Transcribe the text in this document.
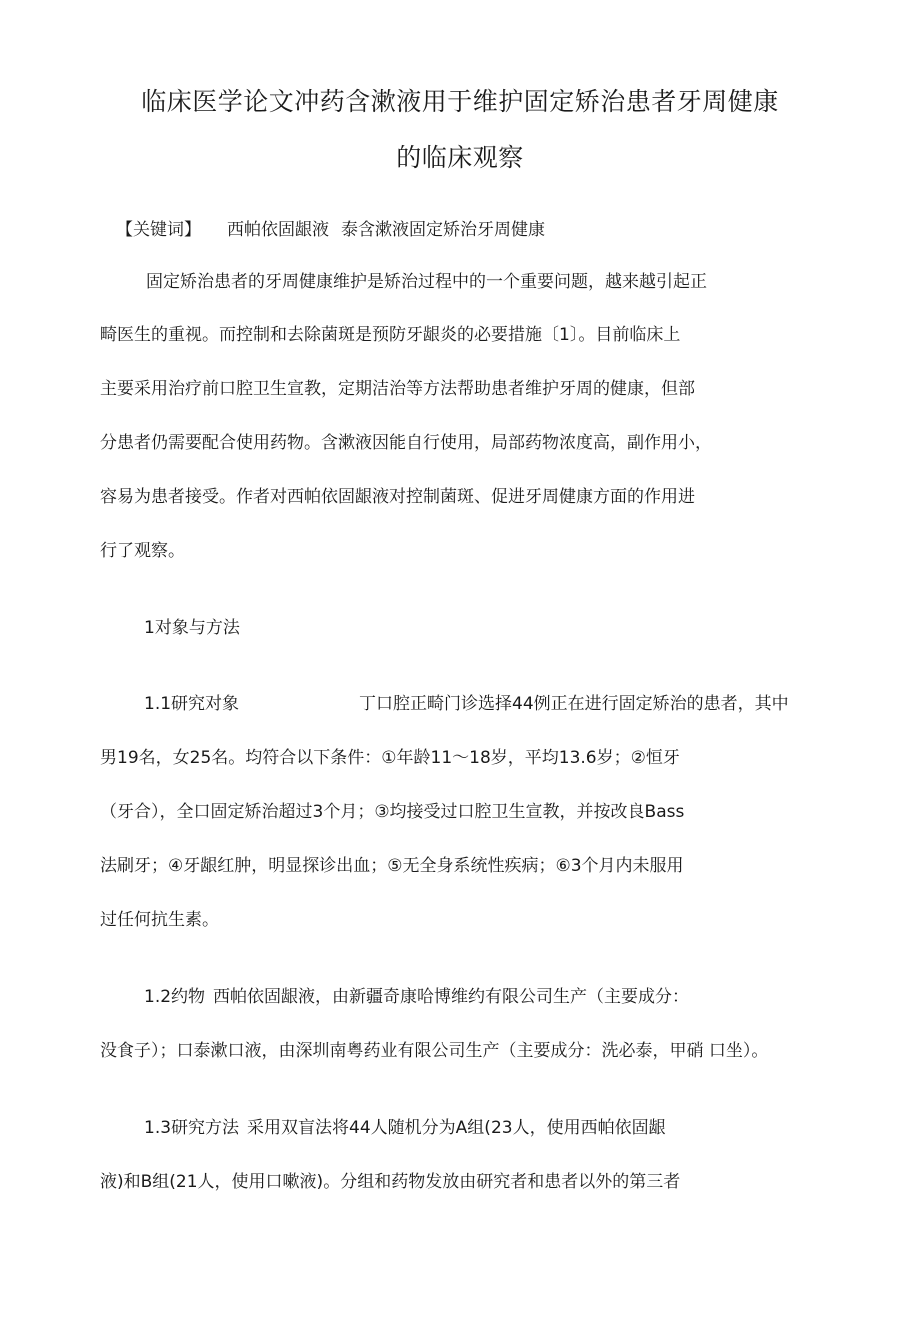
临床医学论文冲药含漱液用于维护固定矫治患者牙周健康
的临床观察
【关键词】 西帕依固龈液 泰含漱液固定矫治牙周健康
固定矫治患者的牙周健康维护是矫治过程中的一个重要问题，越来越引起正
畸医生的重视。而控制和去除菌斑是预防牙龈炎的必要措施〔1〕。目前临床上
主要采用治疗前口腔卫生宣教，定期洁治等方法帮助患者维护牙周的健康，但部
分患者仍需要配合使用药物。含漱液因能自行使用，局部药物浓度高，副作用小，
容易为患者接受。作者对西帕依固龈液对控制菌斑、促进牙周健康方面的作用进
行了观察。
1对象与方法
1.1研究对象	丁口腔正畸门诊选择44例正在进行固定矫治的患者，其中
男19名，女25名。均符合以下条件：①年龄11～18岁，平均13.6岁；②恒牙
（牙合），全口固定矫治超过3个月；③均接受过口腔卫生宣教，并按改良Bass
法刷牙；④牙龈红肿，明显探诊出血；⑤无全身系统性疾病；⑥3个月内未服用
过任何抗生素。
1.2约物 西帕依固龈液，由新疆奇康哈博维约有限公司生产（主要成分：
没食子）；口泰漱口液，由深圳南粤药业有限公司生产（主要成分：洗必泰，甲硝 口坐）。
1.3研究方法 采用双盲法将44人随机分为A组(23人，使用西帕依固龈
液)和B组(21人，使用口嗽液)。分组和药物发放由研究者和患者以外的第三者
